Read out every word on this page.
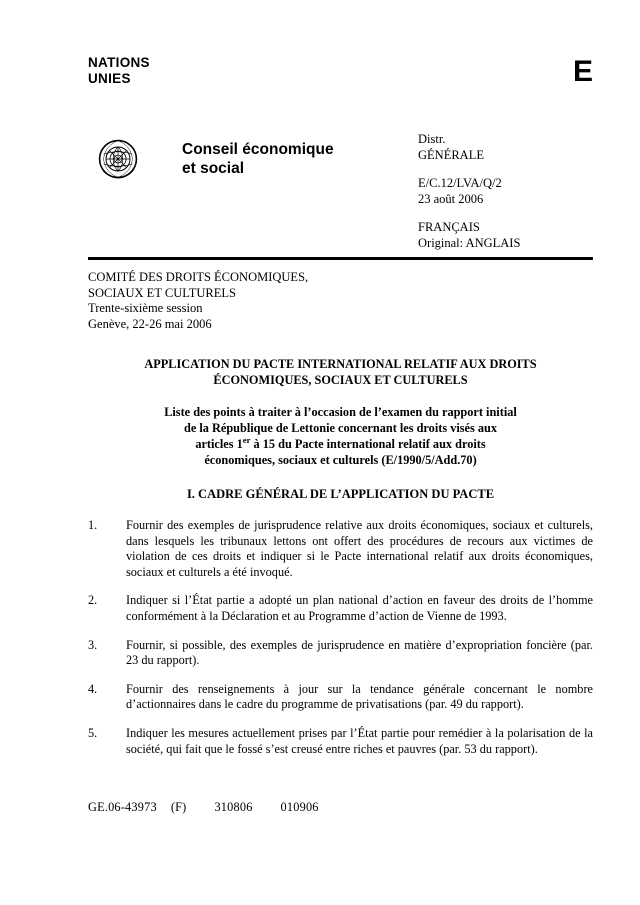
NATIONS
UNIES	E
Conseil économique
et social
Distr.
GÉNÉRALE
E/C.12/LVA/Q/2
23 août 2006
FRANÇAIS
Original: ANGLAIS
COMITÉ DES DROITS ÉCONOMIQUES,
SOCIAUX ET CULTURELS
Trente-sixième session
Genève, 22-26 mai 2006
APPLICATION DU PACTE INTERNATIONAL RELATIF AUX DROITS
ÉCONOMIQUES, SOCIAUX ET CULTURELS
Liste des points à traiter à l’occasion de l’examen du rapport initial
de la République de Lettonie concernant les droits visés aux
articles 1er à 15 du Pacte international relatif aux droits
économiques, sociaux et culturels (E/1990/5/Add.70)
I. CADRE GÉNÉRAL DE L’APPLICATION DU PACTE
1.	Fournir des exemples de jurisprudence relative aux droits économiques, sociaux et culturels, dans lesquels les tribunaux lettons ont offert des procédures de recours aux victimes de violation de ces droits et indiquer si le Pacte international relatif aux droits économiques, sociaux et culturels a été invoqué.
2.	Indiquer si l’État partie a adopté un plan national d’action en faveur des droits de l’homme conformément à la Déclaration et au Programme d’action de Vienne de 1993.
3.	Fournir, si possible, des exemples de jurisprudence en matière d’expropriation foncière (par. 23 du rapport).
4.	Fournir des renseignements à jour sur la tendance générale concernant le nombre d’actionnaires dans le cadre du programme de privatisations (par. 49 du rapport).
5.	Indiquer les mesures actuellement prises par l’État partie pour remédier à la polarisation de la société, qui fait que le fossé s’est creusé entre riches et pauvres (par. 53 du rapport).
GE.06-43973 (F) 310806 010906
